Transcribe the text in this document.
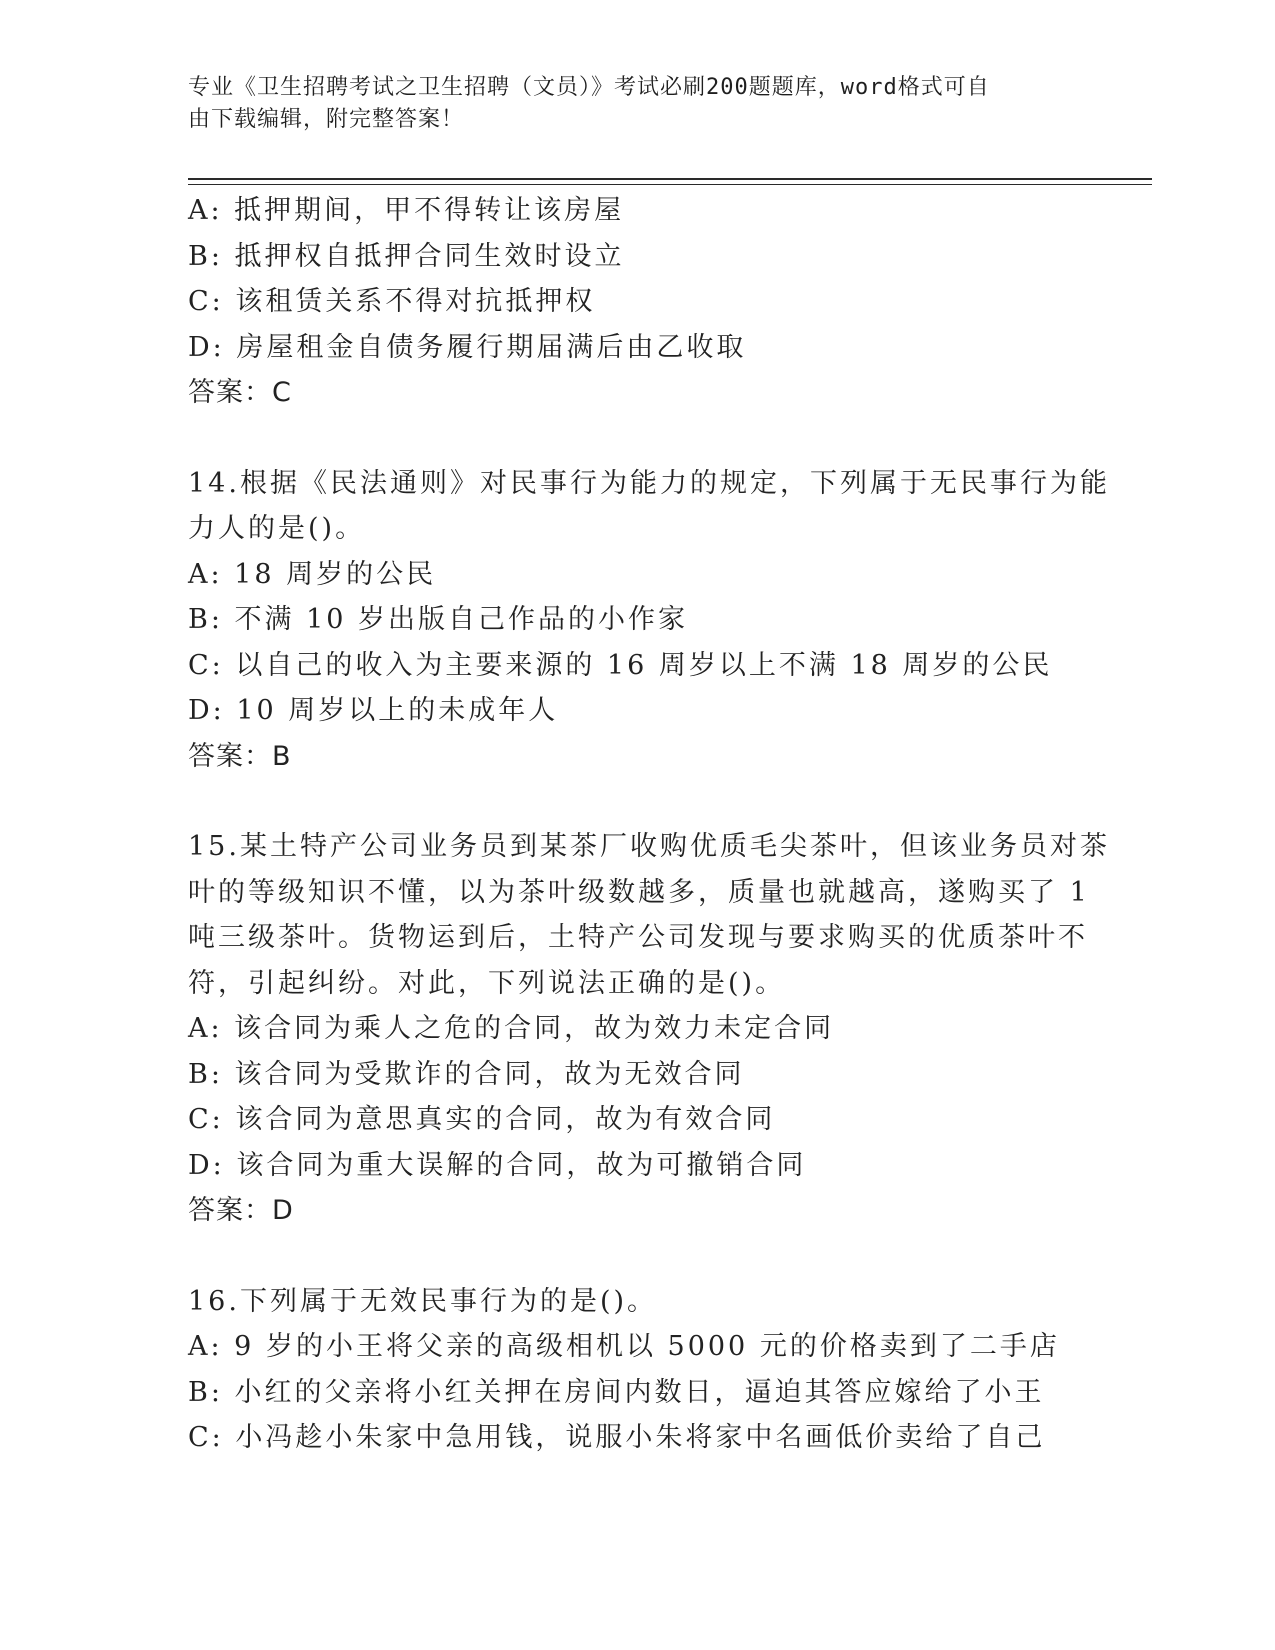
专业《卫生招聘考试之卫生招聘（文员）》考试必刷200题题库，word格式可自
由下载编辑，附完整答案！

A: 抵押期间，甲不得转让该房屋

B: 抵押权自抵押合同生效时设立

C: 该租赁关系不得对抗抵押权

D: 房屋租金自债务履行期届满后由乙收取

答案：C

14.根据《民法通则》对民事行为能力的规定，下列属于无民事行为能

力人的是()。

A: 18 周岁的公民

B: 不满 10 岁出版自己作品的小作家

C: 以自己的收入为主要来源的 16 周岁以上不满 18 周岁的公民

D: 10 周岁以上的未成年人

答案：B

15.某土特产公司业务员到某茶厂收购优质毛尖茶叶，但该业务员对茶

叶的等级知识不懂，以为茶叶级数越多，质量也就越高，遂购买了 1

吨三级茶叶。货物运到后，土特产公司发现与要求购买的优质茶叶不

符，引起纠纷。对此，下列说法正确的是()。

A: 该合同为乘人之危的合同，故为效力未定合同

B: 该合同为受欺诈的合同，故为无效合同

C: 该合同为意思真实的合同，故为有效合同

D: 该合同为重大误解的合同，故为可撤销合同

答案：D

16.下列属于无效民事行为的是()。

A: 9 岁的小王将父亲的高级相机以 5000 元的价格卖到了二手店

B: 小红的父亲将小红关押在房间内数日，逼迫其答应嫁给了小王

C: 小冯趁小朱家中急用钱，说服小朱将家中名画低价卖给了自己
